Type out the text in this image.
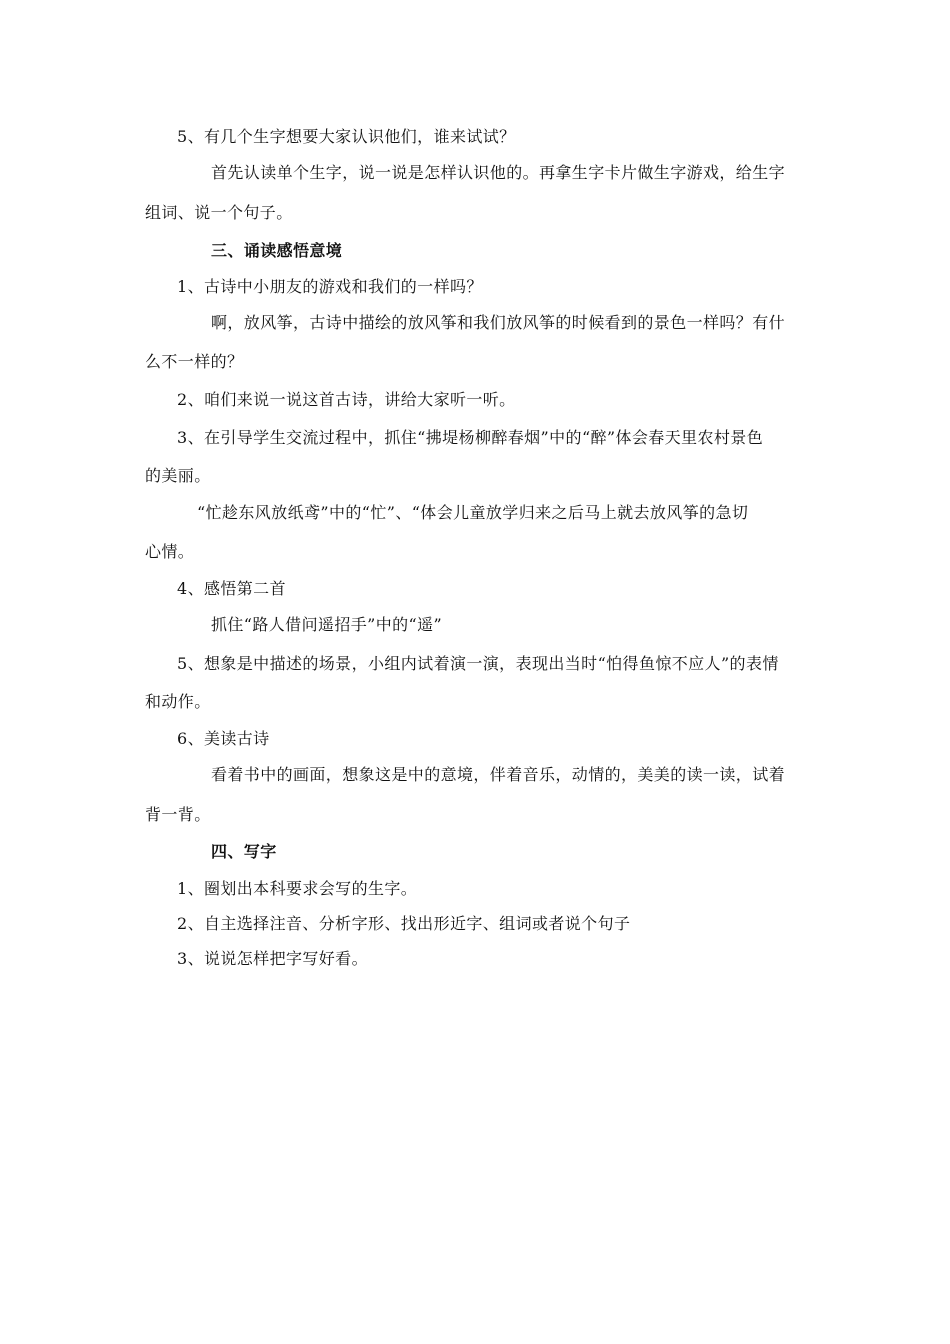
5、有几个生字想要大家认识他们，谁来试试？
首先认读单个生字，说一说是怎样认识他的。再拿生字卡片做生字游戏，给生字
组词、说一个句子。
三、诵读感悟意境
1、古诗中小朋友的游戏和我们的一样吗？
啊，放风筝，古诗中描绘的放风筝和我们放风筝的时候看到的景色一样吗？有什
么不一样的？
2、咱们来说一说这首古诗，讲给大家听一听。
3、在引导学生交流过程中，抓住“拂堤杨柳醉春烟”中的“醉”体会春天里农村景色
的美丽。
“忙趁东风放纸鸢”中的“忙”、“体会儿童放学归来之后马上就去放风筝的急切
心情。
4、感悟第二首
抓住“路人借问遥招手”中的“遥”
5、想象是中描述的场景，小组内试着演一演，表现出当时“怕得鱼惊不应人”的表情
和动作。
6、美读古诗
看着书中的画面，想象这是中的意境，伴着音乐，动情的，美美的读一读，试着
背一背。
四、写字
1、圈划出本科要求会写的生字。
2、自主选择注音、分析字形、找出形近字、组词或者说个句子
3、说说怎样把字写好看。
